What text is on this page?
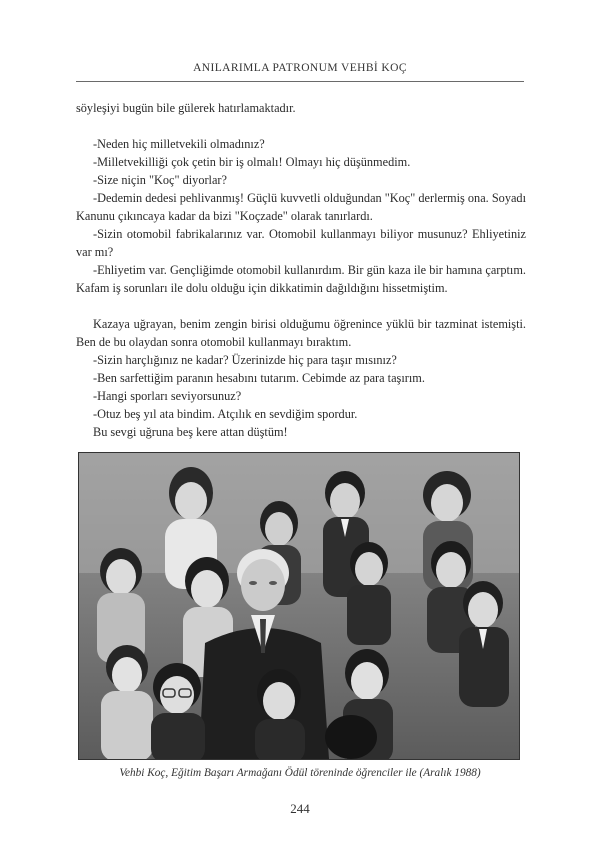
ANILARIMLA PATRONUM VEHBİ KOÇ

söyleşiyi bugün bile gülerek hatırlamaktadır.

-Neden hiç milletvekili olmadınız?

-Milletvekilliği çok çetin bir iş olmalı! Olmayı hiç düşünmedim.

-Size niçin "Koç" diyorlar?

-Dedemin dedesi pehlivanmış! Güçlü kuvvetli olduğundan "Koç" derlermiş ona. Soyadı Kanunu çıkıncaya kadar da bizi "Koçzade" olarak tanırlardı.

-Sizin otomobil fabrikalarınız var. Otomobil kullanmayı biliyor musunuz? Ehliyetiniz var mı?

-Ehliyetim var. Gençliğimde otomobil kullanırdım. Bir gün kaza ile bir hamına çarptım. Kafam iş sorunları ile dolu olduğu için dikkatimin dağıldığını hissetmiştim.

Kazaya uğrayan, benim zengin birisi olduğumu öğrenince yüklü bir tazminat istemişti. Ben de bu olaydan sonra otomobil kullanmayı bıraktım.

-Sizin harçlığınız ne kadar? Üzerinizde hiç para taşır mısınız?

-Ben sarfettiğim paranın hesabını tutarım. Cebimde az para taşırım.

-Hangi sporları seviyorsunuz?

-Otuz beş yıl ata bindim. Atçılık en sevdiğim spordur.

Bu sevgi uğruna beş kere attan düştüm!

Vehbi Koç, Eğitim Başarı Armağanı Ödül töreninde öğrenciler ile (Aralık 1988)
244
